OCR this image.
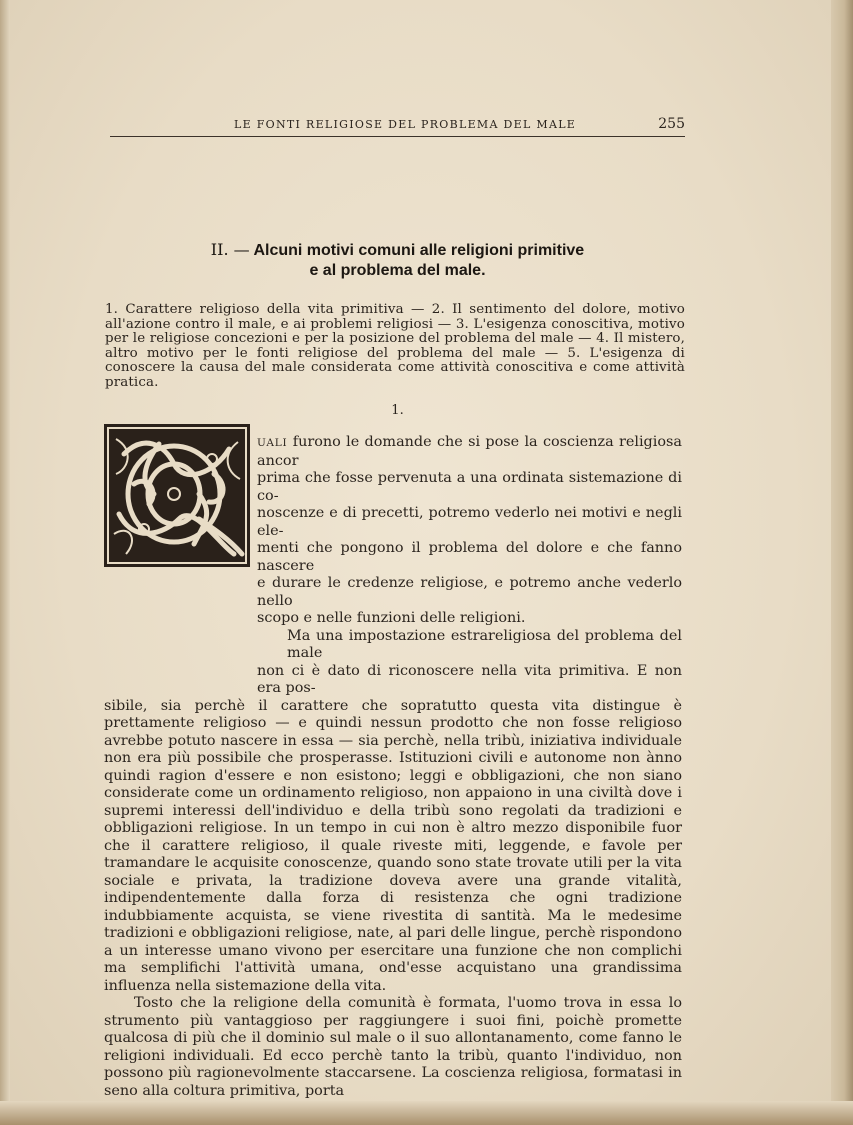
LE FONTI RELIGIOSE DEL PROBLEMA DEL MALE	255
II. — Alcuni motivi comuni alle religioni primitive
e al problema del male.
1. Carattere religioso della vita primitiva — 2. Il sentimento del dolore, motivo all'azione contro il male, e ai problemi religiosi — 3. L'esigenza conoscitiva, motivo per le religiose concezioni e per la posizione del problema del male — 4. Il mistero, altro motivo per le fonti religiose del problema del male — 5. L'esigenza di conoscere la causa del male considerata come attività conoscitiva e come attività pratica.
1.
UALI furono le domande che si pose la coscienza religiosa ancor
prima che fosse pervenuta a una ordinata sistemazione di co-
noscenze e di precetti, potremo vederlo nei motivi e negli ele-
menti che pongono il problema del dolore e che fanno nascere
e durare le credenze religiose, e potremo anche vederlo nello
scopo e nelle funzioni delle religioni.
Ma una impostazione estrareligiosa del problema del male
non ci è dato di riconoscere nella vita primitiva. E non era pos-

sibile, sia perchè il carattere che sopratutto questa vita distingue è prettamente religioso — e quindi nessun prodotto che non fosse religioso avrebbe potuto nascere in essa — sia perchè, nella tribù, iniziativa individuale non era più possibile che prosperasse. Istituzioni civili e autonome non ànno quindi ragion d'essere e non esistono; leggi e obbligazioni, che non siano considerate come un ordinamento religioso, non appaiono in una civiltà dove i supremi interessi dell'individuo e della tribù sono regolati da tradizioni e obbligazioni religiose. In un tempo in cui non è altro mezzo disponibile fuor che il carattere religioso, il quale riveste miti, leggende, e favole per tramandare le acquisite conoscenze, quando sono state trovate utili per la vita sociale e privata, la tradizione doveva avere una grande vitalità, indipendentemente dalla forza di resistenza che ogni tradizione indubbiamente acquista, se viene rivestita di santità. Ma le medesime tradizioni e obbligazioni religiose, nate, al pari delle lingue, perchè rispondono a un interesse umano vivono per esercitare una funzione che non complichi ma semplifichi l'attività umana, ond'esse acquistano una grandissima influenza nella sistemazione della vita.

Tosto che la religione della comunità è formata, l'uomo trova in essa lo strumento più vantaggioso per raggiungere i suoi fini, poichè promette qualcosa di più che il dominio sul male o il suo allontanamento, come fanno le religioni individuali. Ed ecco perchè tanto la tribù, quanto l'individuo, non possono più ragionevolmente staccarsene. La coscienza religiosa, formatasi in seno alla coltura primitiva, porta
